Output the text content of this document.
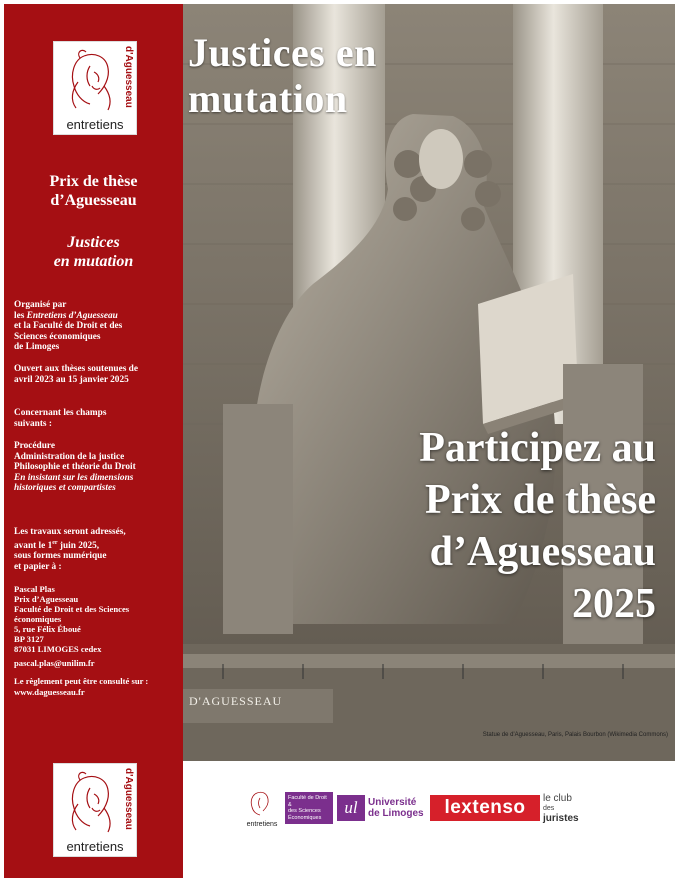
d'Aguesseau
entretiens
Prix de thèse
d’Aguesseau
Justices
en mutation
Organisé par
les Entretiens d’Aguesseau
et la Faculté de Droit et des
Sciences économiques
de Limoges
Ouvert aux thèses soutenues de
avril 2023 au 15 janvier 2025
Concernant les champs
suivants :
Procédure
Administration de la justice
Philosophie et théorie du Droit
En insistant sur les dimensions
historiques et compartistes
Les travaux seront adressés,
avant le 1er juin 2025,
sous formes numérique
et papier à :
Pascal Plas
Prix d’Aguesseau
Faculté de Droit et des Sciences
économiques
5, rue Félix Éboué
BP 3127
87031 LIMOGES cedex
pascal.plas@unilim.fr
Le règlement peut être consulté sur :
www.daguesseau.fr
d'Aguesseau
entretiens
D'AGUESSEAU
Justices en
mutation
Participez au
Prix de thèse
d’Aguesseau
2025
Statue de d'Aguesseau, Paris, Palais Bourbon (Wikimedia Commons)
entretiens
Faculté de Droit &
des Sciences
Économiques
ul	Université
de Limoges	lextenso	le club
des
juristes
